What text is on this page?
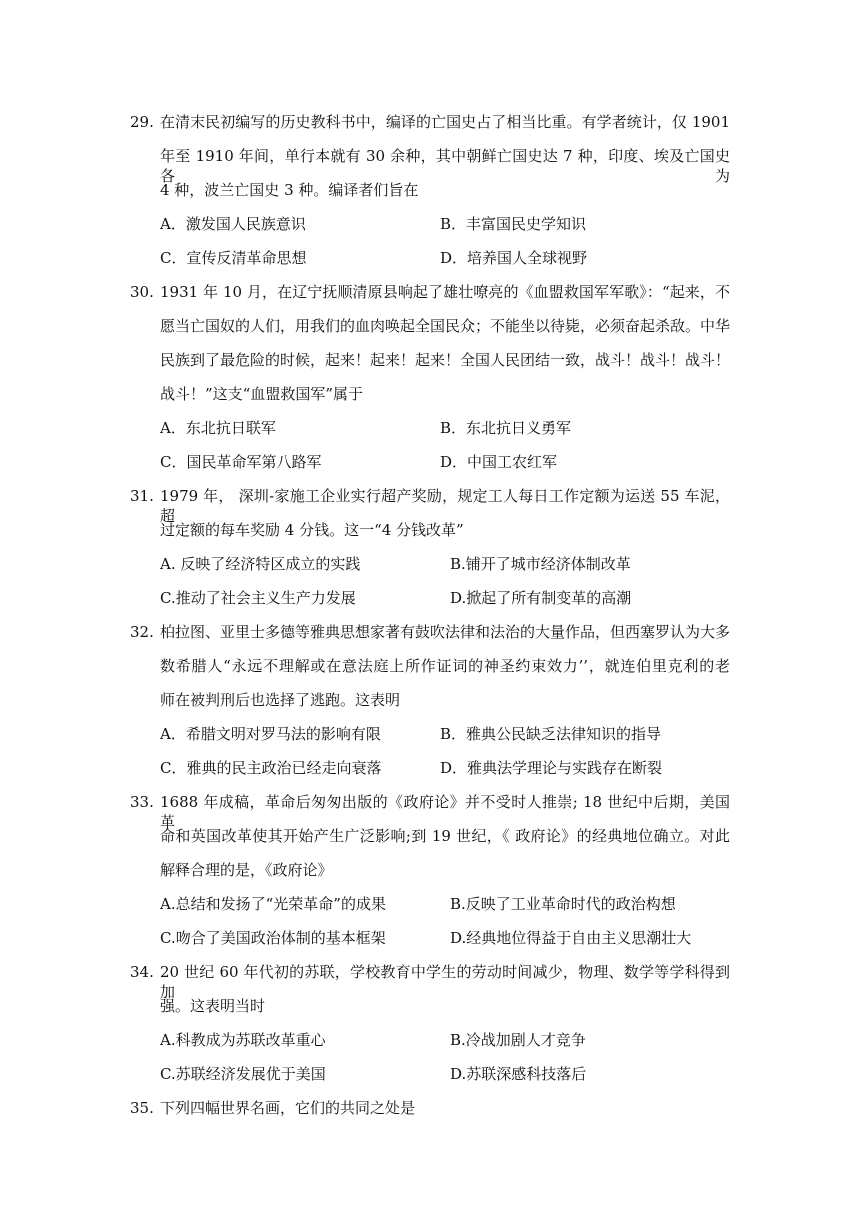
29. 在清末民初编写的历史教科书中，编译的亡国史占了相当比重。有学者统计，仅 1901
年至 1910 年间，单行本就有 30 余种，其中朝鲜亡国史达 7 种，印度、埃及亡国史各为
4 种，波兰亡国史 3 种。编译者们旨在
A．激发国人民族意识	B．丰富国民史学知识
C．宣传反清革命思想	D．培养国人全球视野
30. 1931 年 10 月，在辽宁抚顺清原县响起了雄壮嘹亮的《血盟救国军军歌》：“起来，不
愿当亡国奴的人们，用我们的血肉唤起全国民众；不能坐以待毙，必须奋起杀敌。中华
民族到了最危险的时候，起来！起来！起来！全国人民团结一致，战斗！战斗！战斗！
战斗！”这支“血盟救国军”属于
A．东北抗日联军	B．东北抗日义勇军
C．国民革命军第八路军	D．中国工农红军
31. 1979 年， 深圳-家施工企业实行超产奖励，规定工人每日工作定额为运送 55 车泥，超
过定额的每车奖励 4 分钱。这一“4 分钱改革”
A. 反映了经济特区成立的实践	B.铺开了城市经济体制改革
C.推动了社会主义生产力发展	D.掀起了所有制变革的高潮
32. 柏拉图、亚里士多德等雅典思想家著有鼓吹法律和法治的大量作品，但西塞罗认为大多
数希腊人“永远不理解或在意法庭上所作证词的神圣约束效力’’，就连伯里克利的老
师在被判刑后也选择了逃跑。这表明
A．希腊文明对罗马法的影响有限	B．雅典公民缺乏法律知识的指导
C．雅典的民主政治已经走向衰落	D．雅典法学理论与实践存在断裂
33. 1688 年成稿，革命后匆匆出版的《政府论》并不受时人推崇; 18 世纪中后期，美国革
命和英国改革使其开始产生广泛影响;到 19 世纪，《 政府论》的经典地位确立。对此
解释合理的是，《政府论》
A.总结和发扬了“光荣革命”的成果	B.反映了工业革命时代的政治构想
C.吻合了美国政治体制的基本框架	D.经典地位得益于自由主义思潮壮大
34. 20 世纪 60 年代初的苏联，学校教育中学生的劳动时间减少，物理、数学等学科得到加
强。这表明当时
A.科教成为苏联改革重心	B.冷战加剧人才竞争
C.苏联经济发展优于美国	D.苏联深感科技落后
35. 下列四幅世界名画，它们的共同之处是
